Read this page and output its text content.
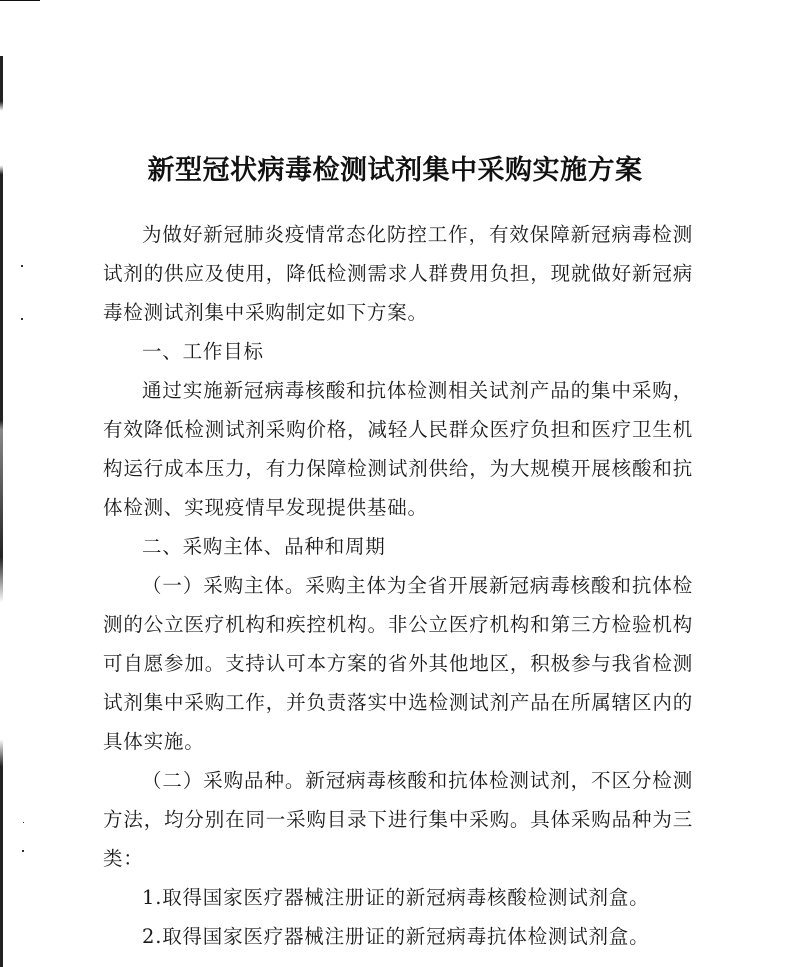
新型冠状病毒检测试剂集中采购实施方案

为做好新冠肺炎疫情常态化防控工作，有效保障新冠病毒检测试剂的供应及使用，降低检测需求人群费用负担，现就做好新冠病毒检测试剂集中采购制定如下方案。

一、工作目标

通过实施新冠病毒核酸和抗体检测相关试剂产品的集中采购，有效降低检测试剂采购价格，减轻人民群众医疗负担和医疗卫生机构运行成本压力，有力保障检测试剂供给，为大规模开展核酸和抗体检测、实现疫情早发现提供基础。

二、采购主体、品种和周期

（一）采购主体。采购主体为全省开展新冠病毒核酸和抗体检测的公立医疗机构和疾控机构。非公立医疗机构和第三方检验机构可自愿参加。支持认可本方案的省外其他地区，积极参与我省检测试剂集中采购工作，并负责落实中选检测试剂产品在所属辖区内的具体实施。

（二）采购品种。新冠病毒核酸和抗体检测试剂，不区分检测方法，均分别在同一采购目录下进行集中采购。具体采购品种为三类：

1.取得国家医疗器械注册证的新冠病毒核酸检测试剂盒。

2.取得国家医疗器械注册证的新冠病毒抗体检测试剂盒。
